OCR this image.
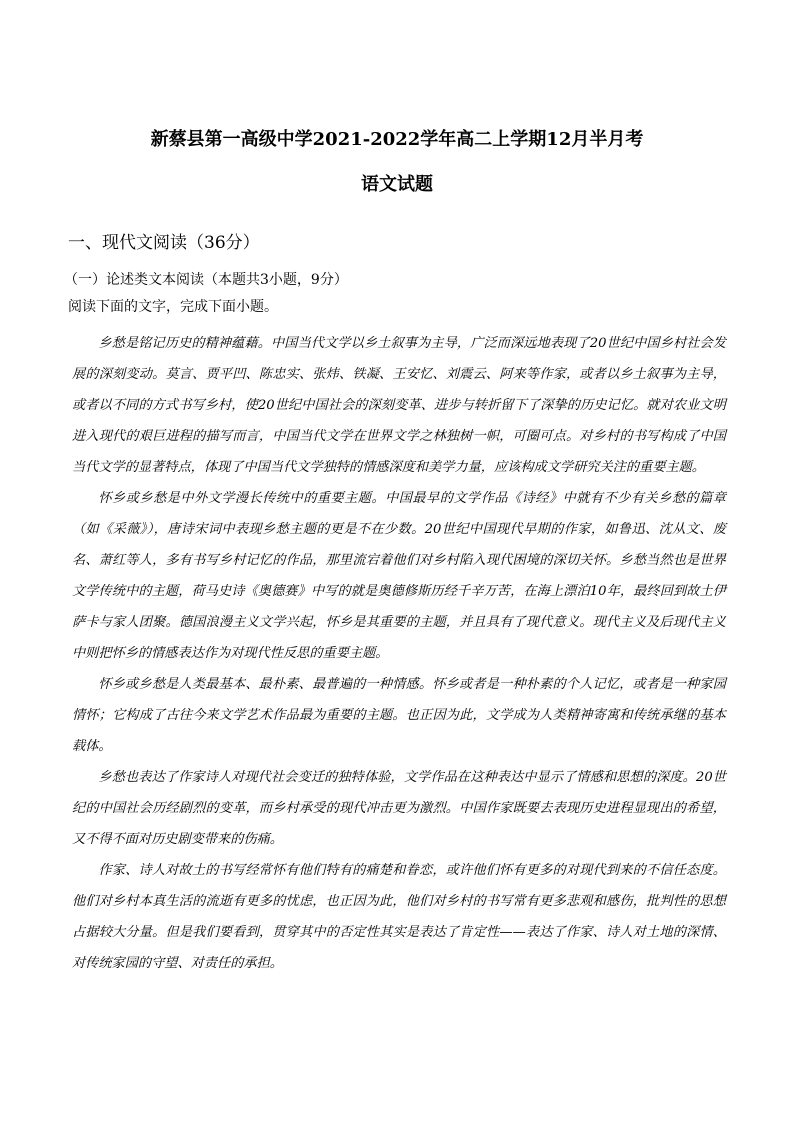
新蔡县第一高级中学2021-2022学年高二上学期12月半月考
语文试题
一、现代文阅读（36分）
（一）论述类文本阅读（本题共3小题，9分）
阅读下面的文字，完成下面小题。

乡愁是铭记历史的精神蕴藉。中国当代文学以乡土叙事为主导，广泛而深远地表现了20世纪中国乡村社会发展的深刻变动。莫言、贾平凹、陈忠实、张炜、铁凝、王安忆、刘震云、阿来等作家，或者以乡土叙事为主导，或者以不同的方式书写乡村，使20世纪中国社会的深刻变革、进步与转折留下了深挚的历史记忆。就对农业文明进入现代的艰巨进程的描写而言，中国当代文学在世界文学之林独树一帜，可圈可点。对乡村的书写构成了中国当代文学的显著特点，体现了中国当代文学独特的情感深度和美学力量，应该构成文学研究关注的重要主题。

怀乡或乡愁是中外文学漫长传统中的重要主题。中国最早的文学作品《诗经》中就有不少有关乡愁的篇章（如《采薇》），唐诗宋词中表现乡愁主题的更是不在少数。20世纪中国现代早期的作家，如鲁迅、沈从文、废名、萧红等人，多有书写乡村记忆的作品，那里流宕着他们对乡村陷入现代困境的深切关怀。乡愁当然也是世界文学传统中的主题，荷马史诗《奥德赛》中写的就是奥德修斯历经千辛万苦，在海上漂泊10年，最终回到故土伊萨卡与家人团聚。德国浪漫主义文学兴起，怀乡是其重要的主题，并且具有了现代意义。现代主义及后现代主义中则把怀乡的情感表达作为对现代性反思的重要主题。

怀乡或乡愁是人类最基本、最朴素、最普遍的一种情感。怀乡或者是一种朴素的个人记忆，或者是一种家园情怀；它构成了古往今来文学艺术作品最为重要的主题。也正因为此，文学成为人类精神寄寓和传统承继的基本载体。

乡愁也表达了作家诗人对现代社会变迁的独特体验，文学作品在这种表达中显示了情感和思想的深度。20世纪的中国社会历经剧烈的变革，而乡村承受的现代冲击更为激烈。中国作家既要去表现历史进程显现出的希望，又不得不面对历史剧变带来的伤痛。

作家、诗人对故土的书写经常怀有他们特有的痛楚和眷恋，或许他们怀有更多的对现代到来的不信任态度。他们对乡村本真生活的流逝有更多的忧虑，也正因为此，他们对乡村的书写常有更多悲观和感伤，批判性的思想占据较大分量。但是我们要看到，贯穿其中的否定性其实是表达了肯定性——表达了作家、诗人对土地的深情、对传统家园的守望、对责任的承担。
